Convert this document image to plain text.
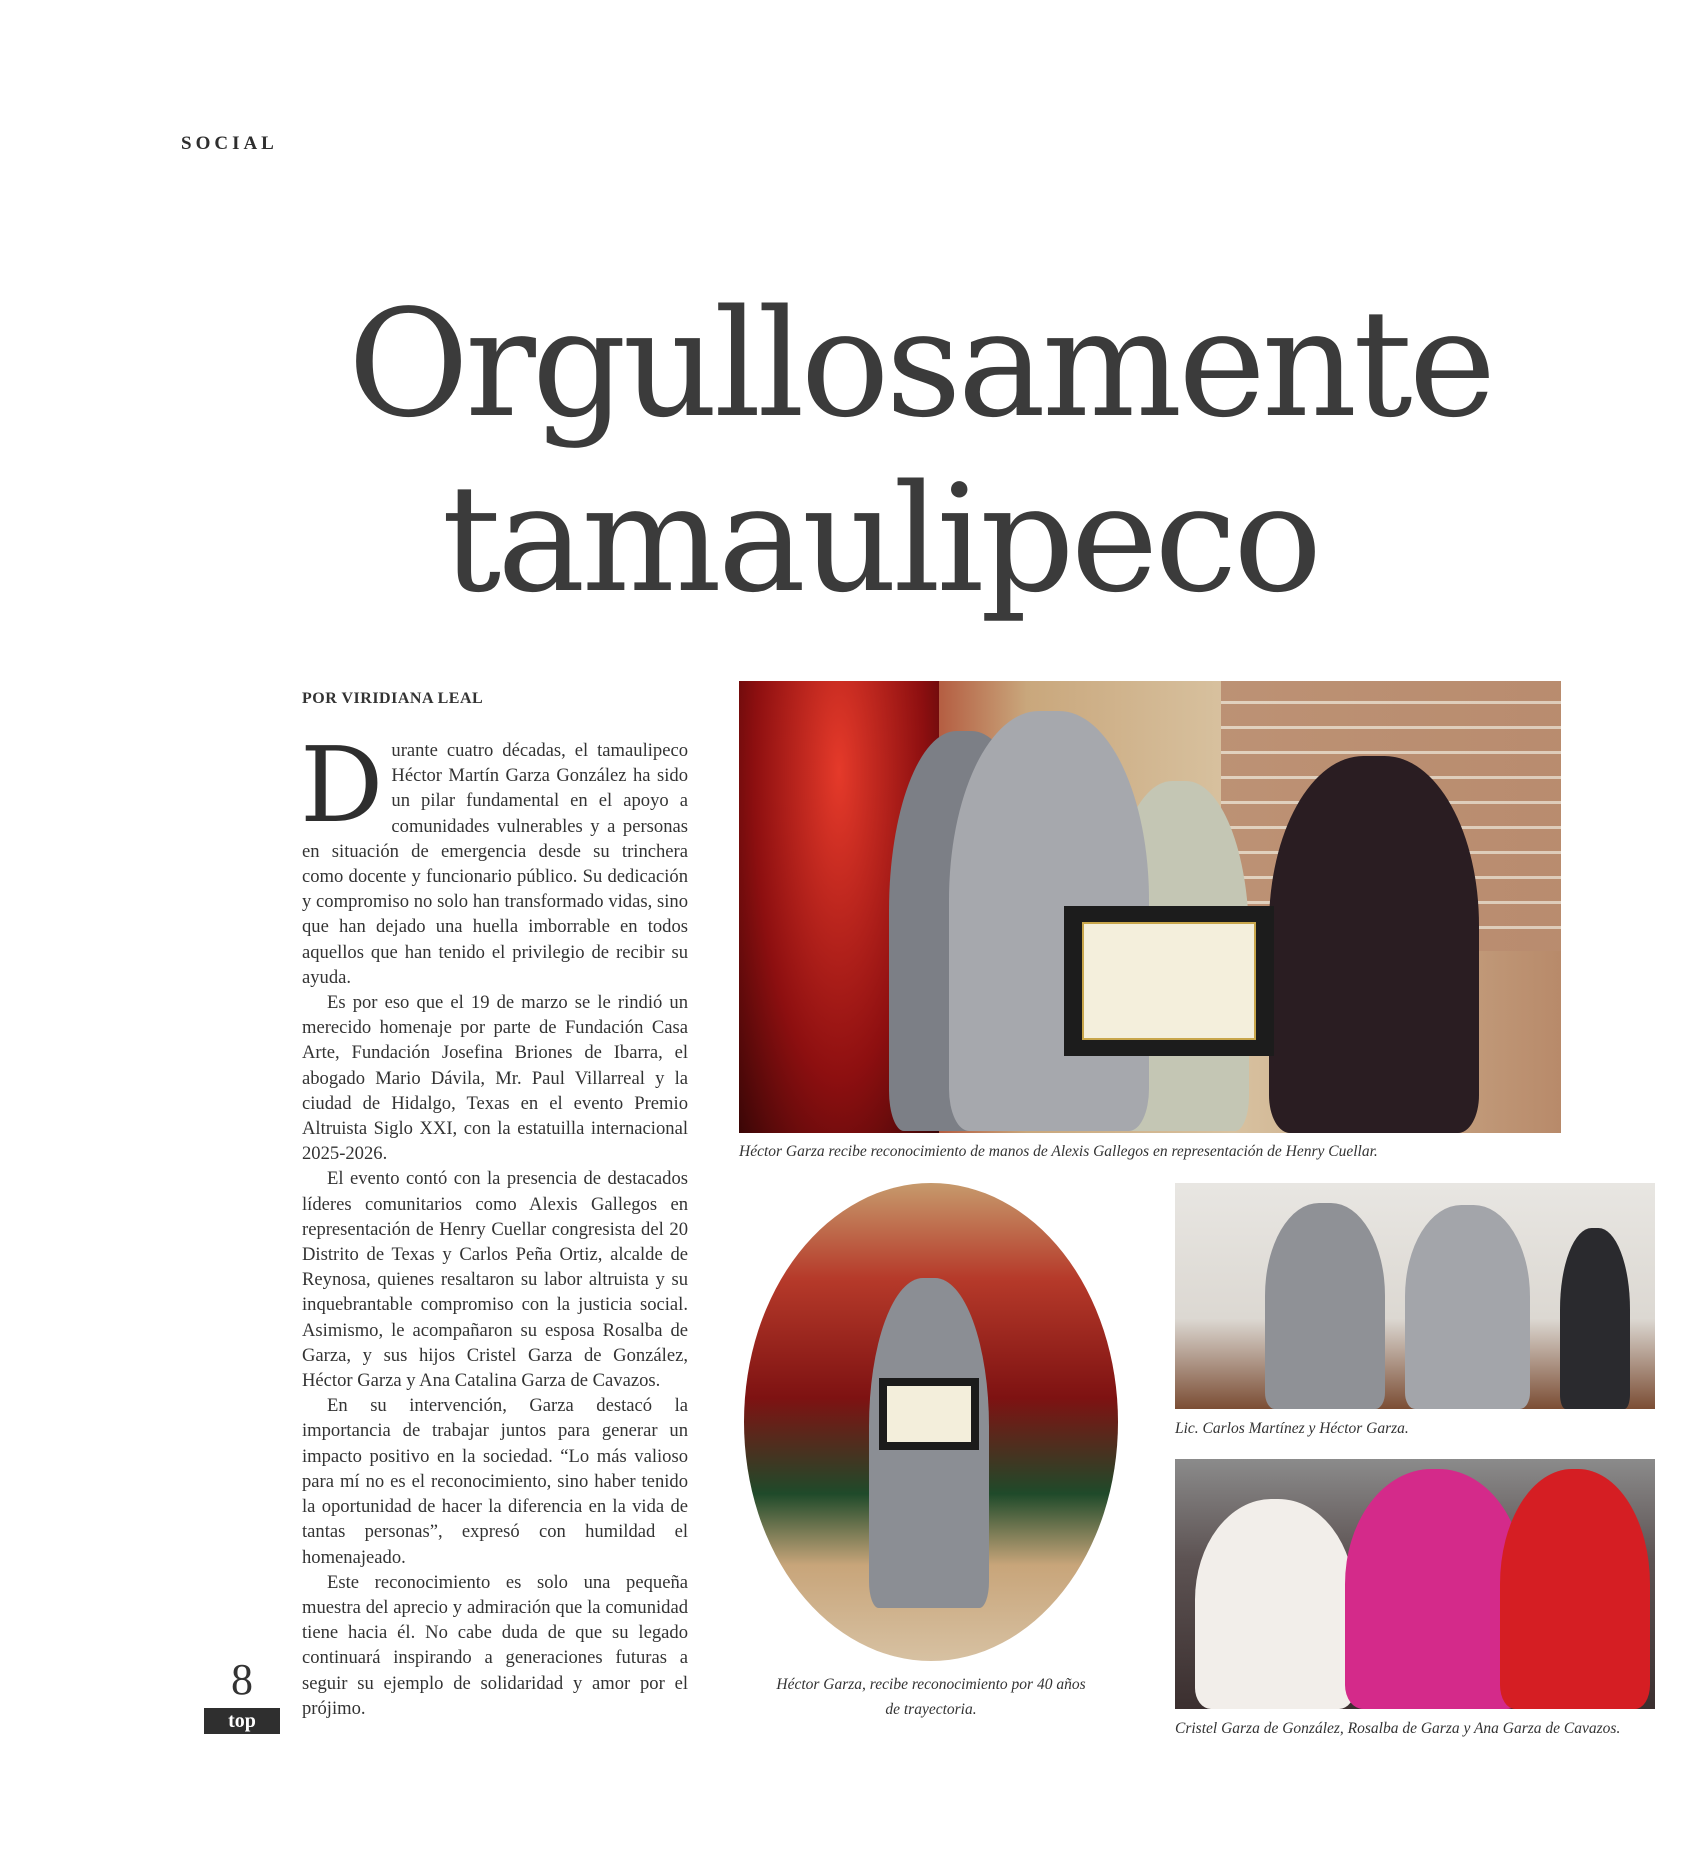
SOCIAL
Orgullosamente
tamaulipeco
POR VIRIDIANA LEAL

Durante cuatro décadas, el tamaulipeco Héctor Martín Garza González ha sido un pilar fundamental en el apoyo a comunidades vulnerables y a personas en situación de emergencia desde su trinchera como docente y funcionario público. Su dedicación y compromiso no solo han transformado vidas, sino que han dejado una huella imborrable en todos aquellos que han tenido el privilegio de recibir su ayuda.

Es por eso que el 19 de marzo se le rindió un merecido homenaje por parte de Fundación Casa Arte, Fundación Josefina Briones de Ibarra, el abogado Mario Dávila, Mr. Paul Villarreal y la ciudad de Hidalgo, Texas en el evento Premio Altruista Siglo XXI, con la estatuilla internacional 2025-2026.

El evento contó con la presencia de destacados líderes comunitarios como Alexis Gallegos en representación de Henry Cuellar congresista del 20 Distrito de Texas y Carlos Peña Ortiz, alcalde de Reynosa, quienes resaltaron su labor altruista y su inquebrantable compromiso con la justicia social. Asimismo, le acompañaron su esposa Rosalba de Garza, y sus hijos Cristel Garza de González, Héctor Garza y Ana Catalina Garza de Cavazos.

En su intervención, Garza destacó la importancia de trabajar juntos para generar un impacto positivo en la sociedad. “Lo más valioso para mí no es el reconocimiento, sino haber tenido la oportunidad de hacer la diferencia en la vida de tantas personas”, expresó con humildad el homenajeado.

Este reconocimiento es solo una pequeña muestra del aprecio y admiración que la comunidad tiene hacia él. No cabe duda de que su legado continuará inspirando a generaciones futuras a seguir su ejemplo de solidaridad y amor por el prójimo.

8
top
Héctor Garza recibe reconocimiento de manos de Alexis Gallegos en representación de Henry Cuellar.
Héctor Garza, recibe reconocimiento por 40 años
de trayectoria.
Lic. Carlos Martínez y Héctor Garza.
Cristel Garza de González, Rosalba de Garza y Ana Garza de Cavazos.
